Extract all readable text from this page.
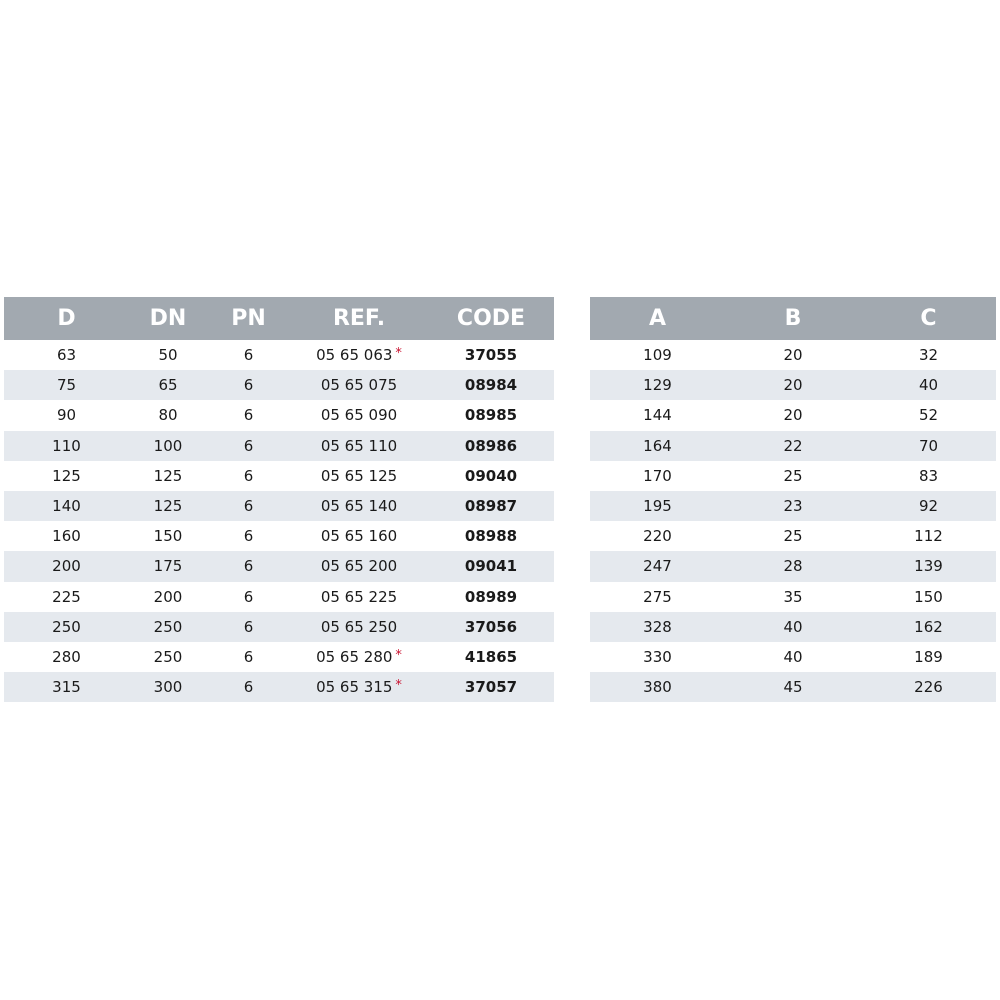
D	DN	PN	REF.	CODE
63	50	6	05 65 063 *	37055
75	65	6	05 65 075	08984
90	80	6	05 65 090	08985
110	100	6	05 65 110	08986
125	125	6	05 65 125	09040
140	125	6	05 65 140	08987
160	150	6	05 65 160	08988
200	175	6	05 65 200	09041
225	200	6	05 65 225	08989
250	250	6	05 65 250	37056
280	250	6	05 65 280 *	41865
315	300	6	05 65 315 *	37057
A	B	C
109	20	32
129	20	40
144	20	52
164	22	70
170	25	83
195	23	92
220	25	112
247	28	139
275	35	150
328	40	162
330	40	189
380	45	226
